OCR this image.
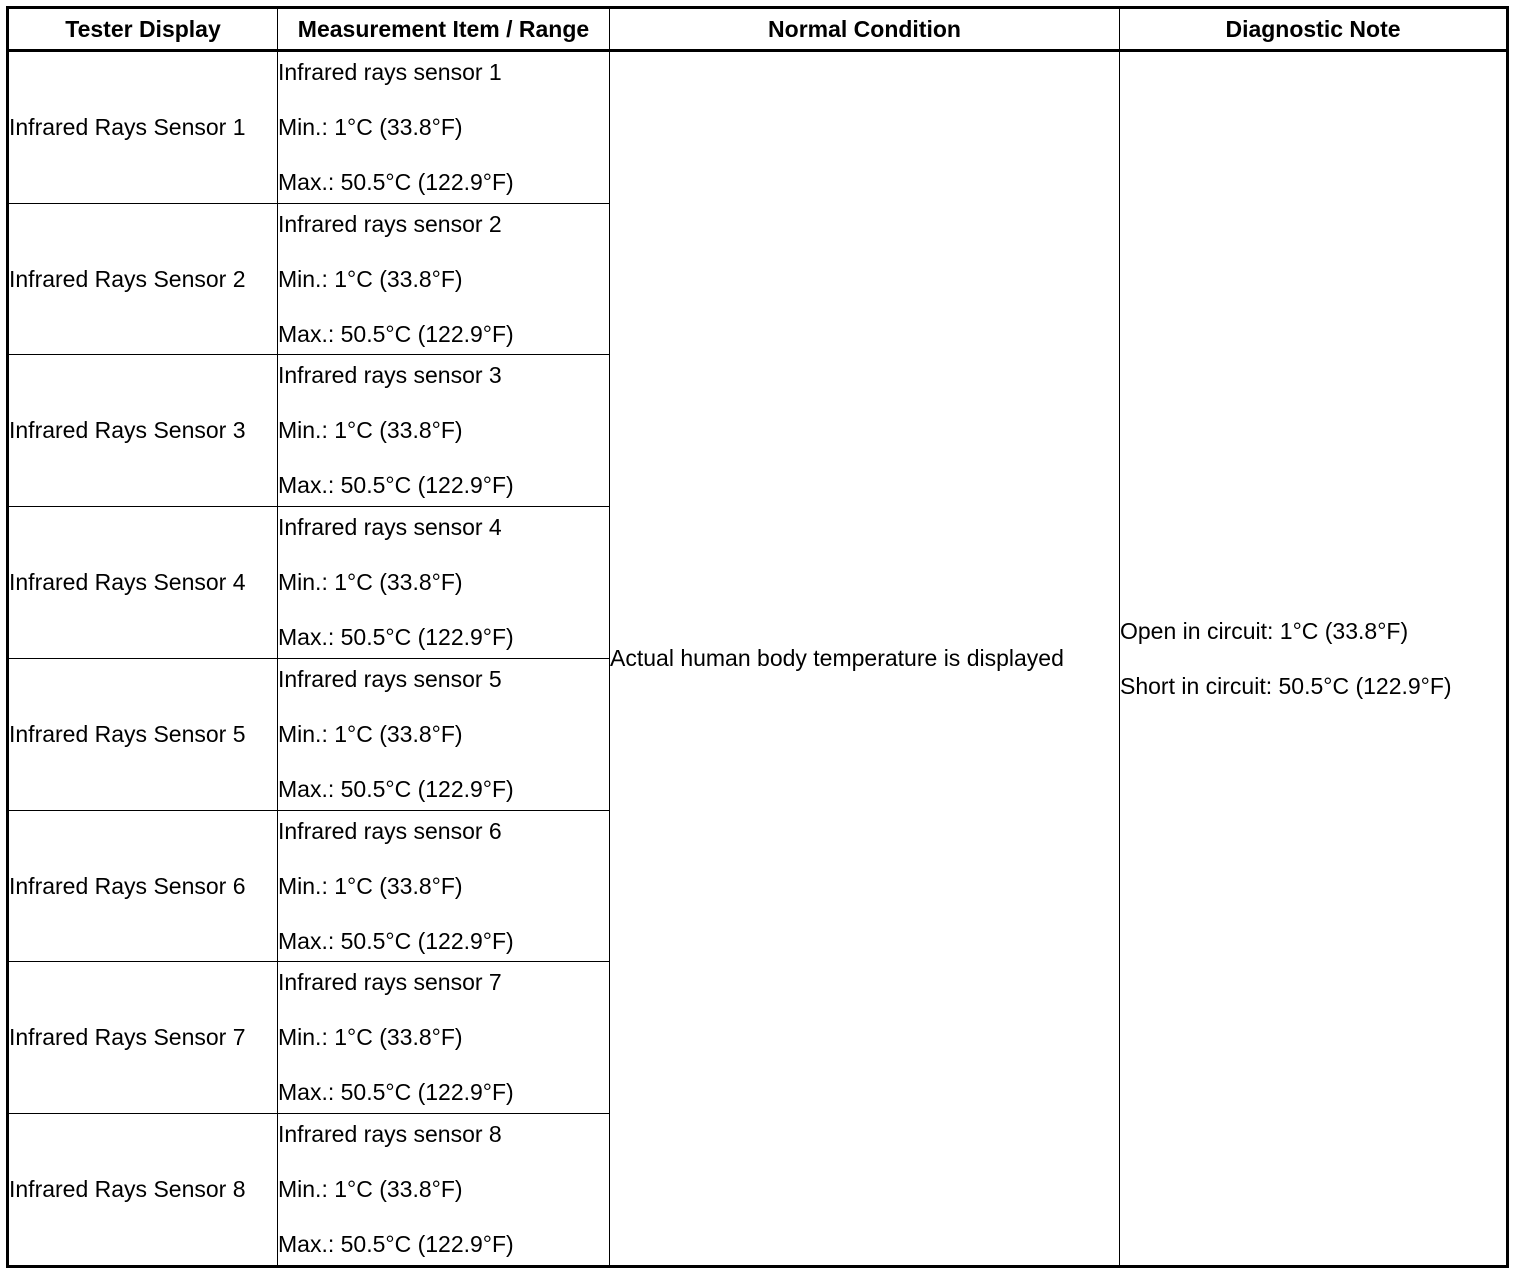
Tester Display	Measurement Item / Range	Normal Condition	Diagnostic Note
Infrared Rays Sensor 1	Infrared rays sensor 1
Min.: 1°C (33.8°F)
Max.: 50.5°C (122.9°F)	Actual human body temperature is displayed	Open in circuit: 1°C (33.8°F)
Short in circuit: 50.5°C (122.9°F)

Infrared Rays Sensor 2	Infrared rays sensor 2
Min.: 1°C (33.8°F)
Max.: 50.5°C (122.9°F)		

Infrared Rays Sensor 3	Infrared rays sensor 3
Min.: 1°C (33.8°F)
Max.: 50.5°C (122.9°F)		

Infrared Rays Sensor 4	Infrared rays sensor 4
Min.: 1°C (33.8°F)
Max.: 50.5°C (122.9°F)		

Infrared Rays Sensor 5	Infrared rays sensor 5
Min.: 1°C (33.8°F)
Max.: 50.5°C (122.9°F)		

Infrared Rays Sensor 6	Infrared rays sensor 6
Min.: 1°C (33.8°F)
Max.: 50.5°C (122.9°F)		

Infrared Rays Sensor 7	Infrared rays sensor 7
Min.: 1°C (33.8°F)
Max.: 50.5°C (122.9°F)		

Infrared Rays Sensor 8	Infrared rays sensor 8
Min.: 1°C (33.8°F)
Max.: 50.5°C (122.9°F)		
